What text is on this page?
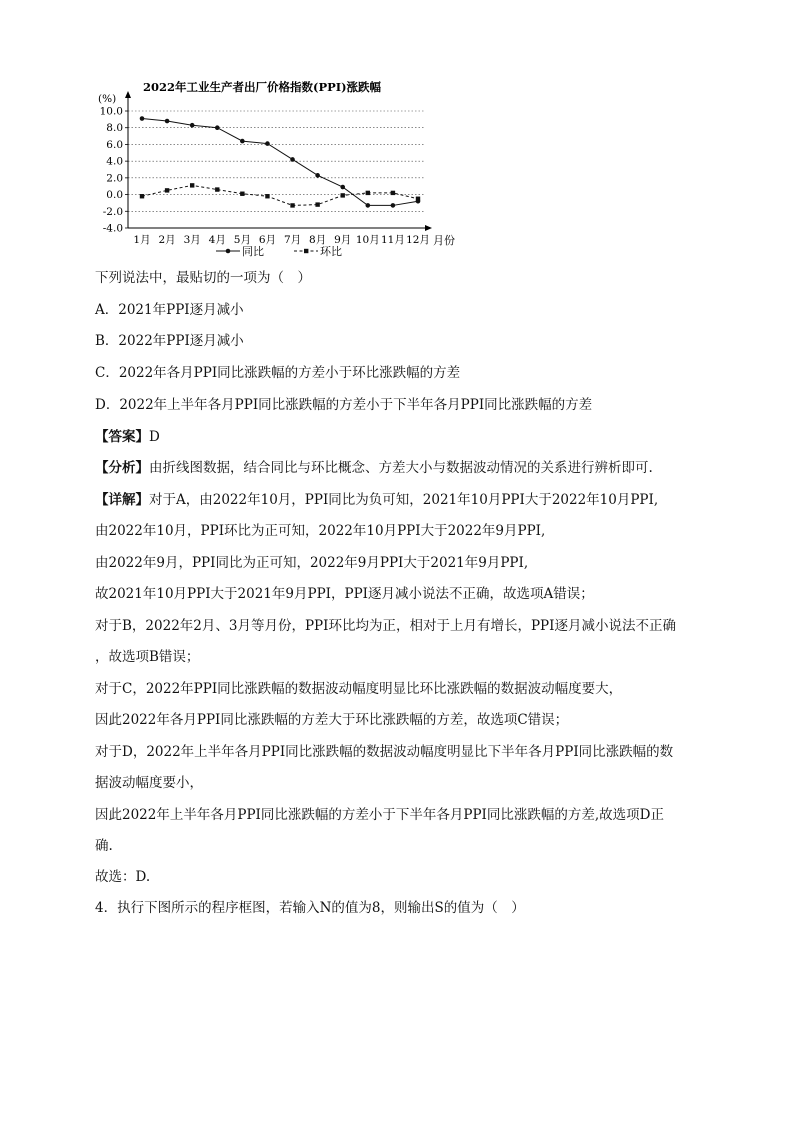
2022年工业生产者出厂价格指数(PPI)涨跌幅
(%)
月份
10.0
8.0
6.0
4.0
2.0
0.0
-2.0
-4.0
1月 2月 3月 4月 5月 6月 7月 8月 9月 10月 11月 12月
同比	环比
下列说法中，最贴切的一项为（　）
A．2021年PPI逐月减小
B．2022年PPI逐月减小
C．2022年各月PPI同比涨跌幅的方差小于环比涨跌幅的方差
D．2022年上半年各月PPI同比涨跌幅的方差小于下半年各月PPI同比涨跌幅的方差
【答案】D
【分析】由折线图数据，结合同比与环比概念、方差大小与数据波动情况的关系进行辨析即可.
【详解】对于A，由2022年10月，PPI同比为负可知，2021年10月PPI大于2022年10月PPI,
由2022年10月，PPI环比为正可知，2022年10月PPI大于2022年9月PPI,
由2022年9月，PPI同比为正可知，2022年9月PPI大于2021年9月PPI,
故2021年10月PPI大于2021年9月PPI，PPI逐月减小说法不正确，故选项A错误；
对于B，2022年2月、3月等月份，PPI环比均为正，相对于上月有增长，PPI逐月减小说法不正确
，故选项B错误；
对于C，2022年PPI同比涨跌幅的数据波动幅度明显比环比涨跌幅的数据波动幅度要大，
因此2022年各月PPI同比涨跌幅的方差大于环比涨跌幅的方差，故选项C错误；
对于D，2022年上半年各月PPI同比涨跌幅的数据波动幅度明显比下半年各月PPI同比涨跌幅的数
据波动幅度要小，
因此2022年上半年各月PPI同比涨跌幅的方差小于下半年各月PPI同比涨跌幅的方差,故选项D正
确.
故选：D.
4．执行下图所示的程序框图，若输入N的值为8，则输出S的值为（　）
